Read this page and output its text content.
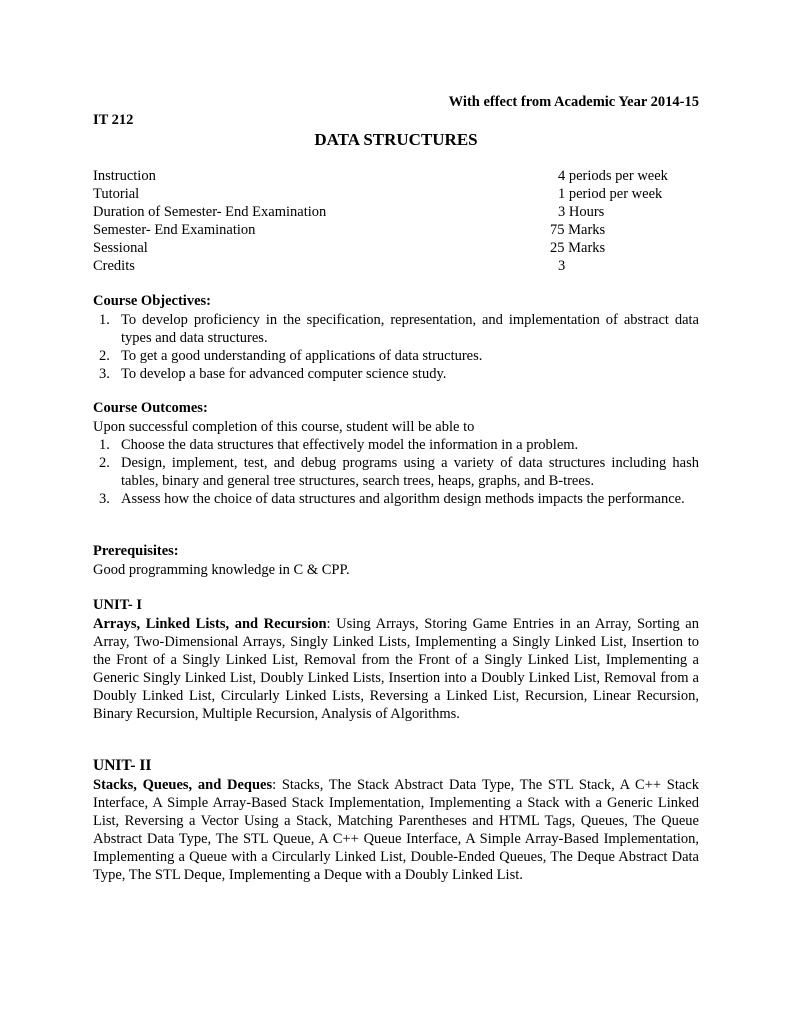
With effect from Academic Year 2014-15
IT 212
DATA STRUCTURES
Instruction	4 periods per week
Tutorial	1 period per week
Duration of Semester- End Examination	3 Hours
Semester- End Examination	75 Marks
Sessional	25 Marks
Credits	3
Course Objectives:
1. To develop proficiency in the specification, representation, and implementation of abstract data types and data structures.
2. To get a good understanding of applications of data structures.
3. To develop a base for advanced computer science study.
Course Outcomes:
Upon successful completion of this course, student will be able to
1. Choose the data structures that effectively model the information in a problem.
2. Design, implement, test, and debug programs using a variety of data structures including hash tables, binary and general tree structures, search trees, heaps, graphs, and B-trees.
3. Assess how the choice of data structures and algorithm design methods impacts the performance.
Prerequisites:
Good programming knowledge in C & CPP.
UNIT- I
Arrays, Linked Lists, and Recursion: Using Arrays, Storing Game Entries in an Array, Sorting an Array, Two-Dimensional Arrays, Singly Linked Lists, Implementing a Singly Linked List, Insertion to the Front of a Singly Linked List, Removal from the Front of a Singly Linked List, Implementing a Generic Singly Linked List, Doubly Linked Lists, Insertion into a Doubly Linked List, Removal from a Doubly Linked List, Circularly Linked Lists, Reversing a Linked List, Recursion, Linear Recursion, Binary Recursion, Multiple Recursion, Analysis of Algorithms.
UNIT- II
Stacks, Queues, and Deques: Stacks, The Stack Abstract Data Type, The STL Stack, A C++ Stack Interface, A Simple Array-Based Stack Implementation, Implementing a Stack with a Generic Linked List, Reversing a Vector Using a Stack, Matching Parentheses and HTML Tags, Queues, The Queue Abstract Data Type, The STL Queue, A C++ Queue Interface, A Simple Array-Based Implementation, Implementing a Queue with a Circularly Linked List, Double-Ended Queues, The Deque Abstract Data Type, The STL Deque, Implementing a Deque with a Doubly Linked List.
